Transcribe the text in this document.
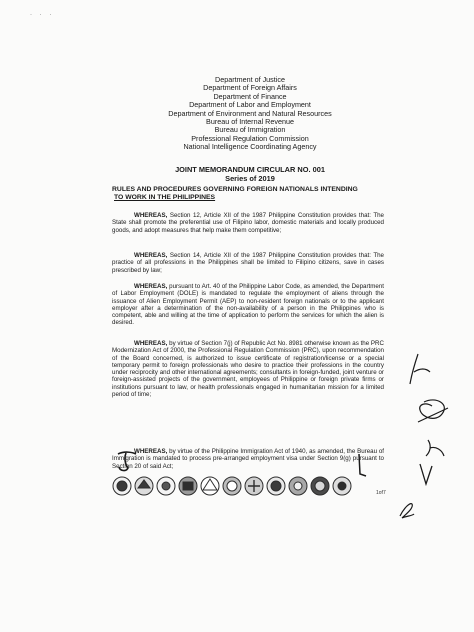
· · ·
Department of Justice
Department of Foreign Affairs
Department of Finance
Department of Labor and Employment
Department of Environment and Natural Resources
Bureau of Internal Revenue
Bureau of Immigration
Professional Regulation Commission
National Intelligence Coordinating Agency
JOINT MEMORANDUM CIRCULAR NO. 001
Series of 2019
RULES AND PROCEDURES GOVERNING FOREIGN NATIONALS INTENDING
TO WORK IN THE PHILIPPINES
WHEREAS, Section 12, Article XII of the 1987 Philippine Constitution provides that: The State shall promote the preferential use of Filipino labor, domestic materials and locally produced goods, and adopt measures that help make them competitive;
WHEREAS, Section 14, Article XII of the 1987 Philippine Constitution provides that: The practice of all professions in the Philippines shall be limited to Filipino citizens, save in cases prescribed by law;
WHEREAS, pursuant to Art. 40 of the Philippine Labor Code, as amended, the Department of Labor Employment (DOLE) is mandated to regulate the employment of aliens through the issuance of Alien Employment Permit (AEP) to non-resident foreign nationals or to the applicant employer after a determination of the non-availability of a person in the Philippines who is competent, able and willing at the time of application to perform the services for which the alien is desired.
WHEREAS, by virtue of Section 7(j) of Republic Act No. 8981 otherwise known as the PRC Modernization Act of 2000, the Professional Regulation Commission (PRC), upon recommendation of the Board concerned, is authorized to issue certificate of registration/license or a special temporary permit to foreign professionals who desire to practice their professions in the country under reciprocity and other international agreements; consultants in foreign-funded, joint venture or foreign-assisted projects of the government, employees of Philippine or foreign private firms or institutions pursuant to law, or health professionals engaged in humanitarian mission for a limited period of time;
WHEREAS, by virtue of the Philippine Immigration Act of 1940, as amended, the Bureau of Immigration is mandated to process pre-arranged employment visa under Section 9(g) pursuant to Section 20 of said Act;
1of7
